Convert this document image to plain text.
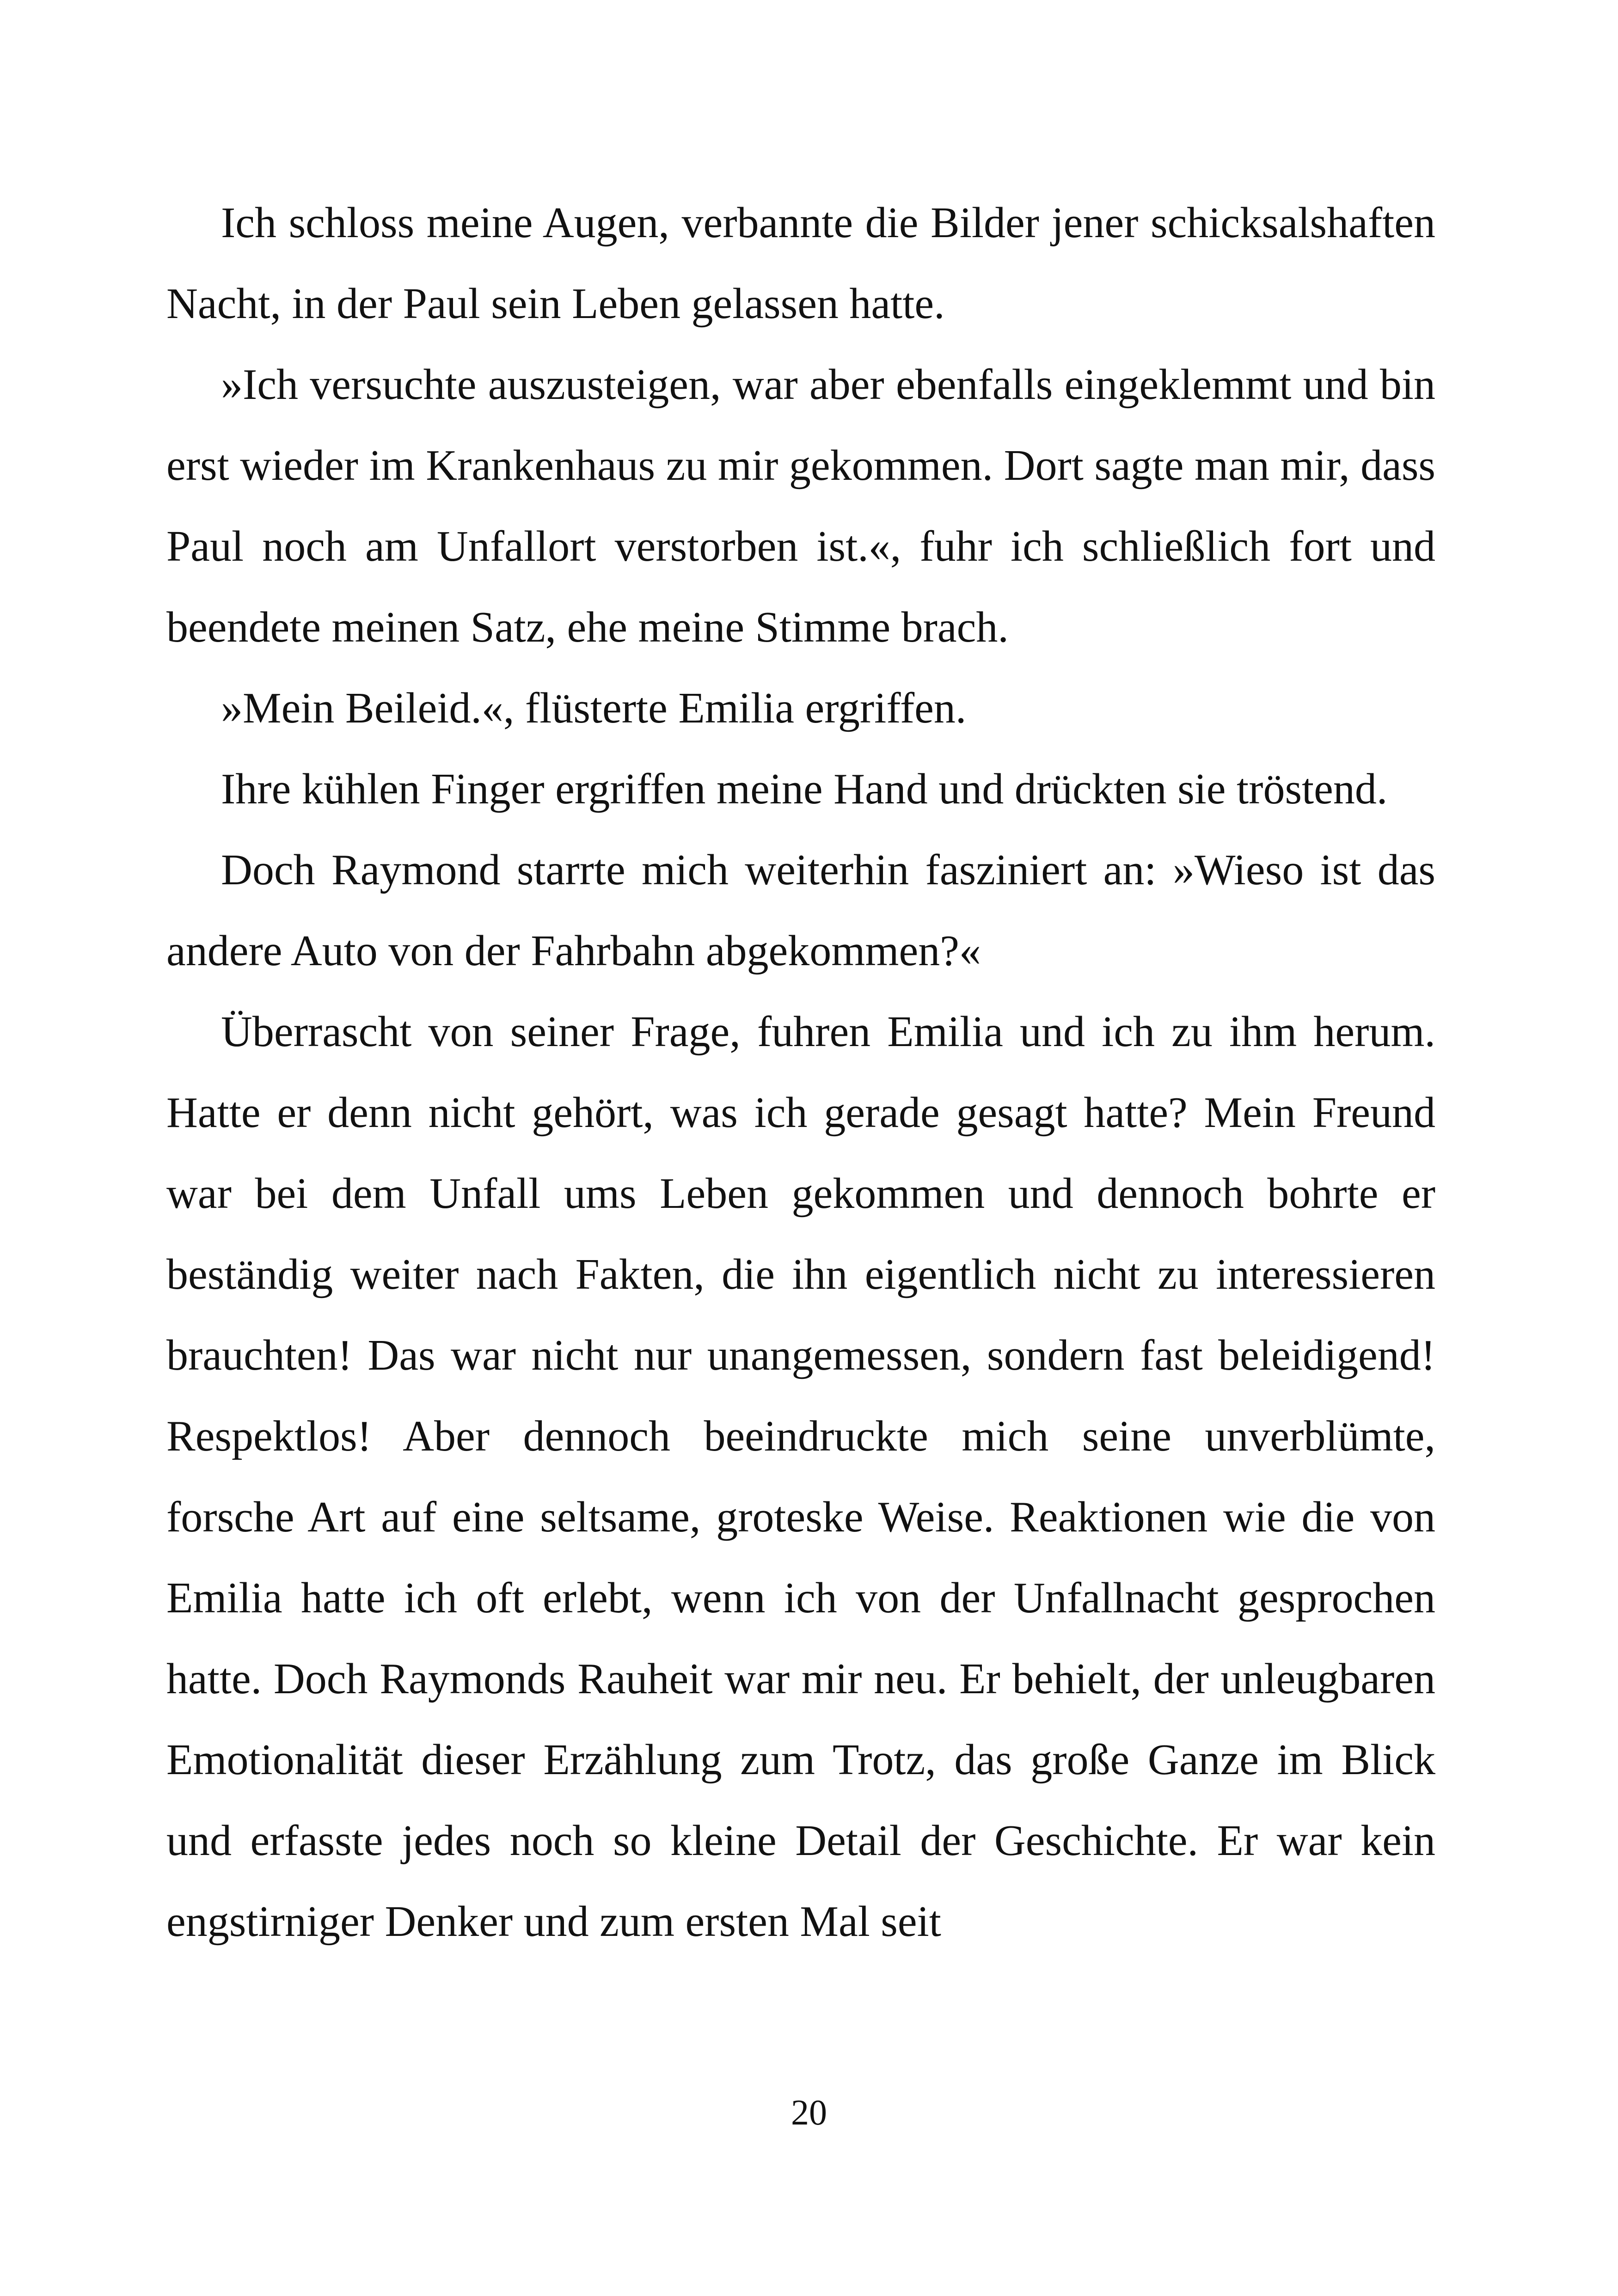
Ich schloss meine Augen, verbannte die Bilder jener schicksalshaften Nacht, in der Paul sein Leben gelassen hatte.

»Ich versuchte auszusteigen, war aber ebenfalls eingeklemmt und bin erst wieder im Krankenhaus zu mir gekommen. Dort sagte man mir, dass Paul noch am Unfallort verstorben ist.«, fuhr ich schließlich fort und beendete meinen Satz, ehe meine Stimme brach.

»Mein Beileid.«, flüsterte Emilia ergriffen.

Ihre kühlen Finger ergriffen meine Hand und drückten sie tröstend.

Doch Raymond starrte mich weiterhin fasziniert an: »Wieso ist das andere Auto von der Fahrbahn abgekommen?«

Überrascht von seiner Frage, fuhren Emilia und ich zu ihm herum. Hatte er denn nicht gehört, was ich gerade gesagt hatte? Mein Freund war bei dem Unfall ums Leben gekommen und dennoch bohrte er beständig weiter nach Fakten, die ihn eigentlich nicht zu interessieren brauchten! Das war nicht nur unangemessen, sondern fast beleidigend! Respektlos! Aber dennoch beeindruckte mich seine unverblümte, forsche Art auf eine seltsame, groteske Weise. Reaktionen wie die von Emilia hatte ich oft erlebt, wenn ich von der Unfallnacht gesprochen hatte. Doch Raymonds Rauheit war mir neu. Er behielt, der unleugbaren Emotionalität dieser Erzählung zum Trotz, das große Ganze im Blick und erfasste jedes noch so kleine Detail der Geschichte. Er war kein engstirniger Denker und zum ersten Mal seit

20
